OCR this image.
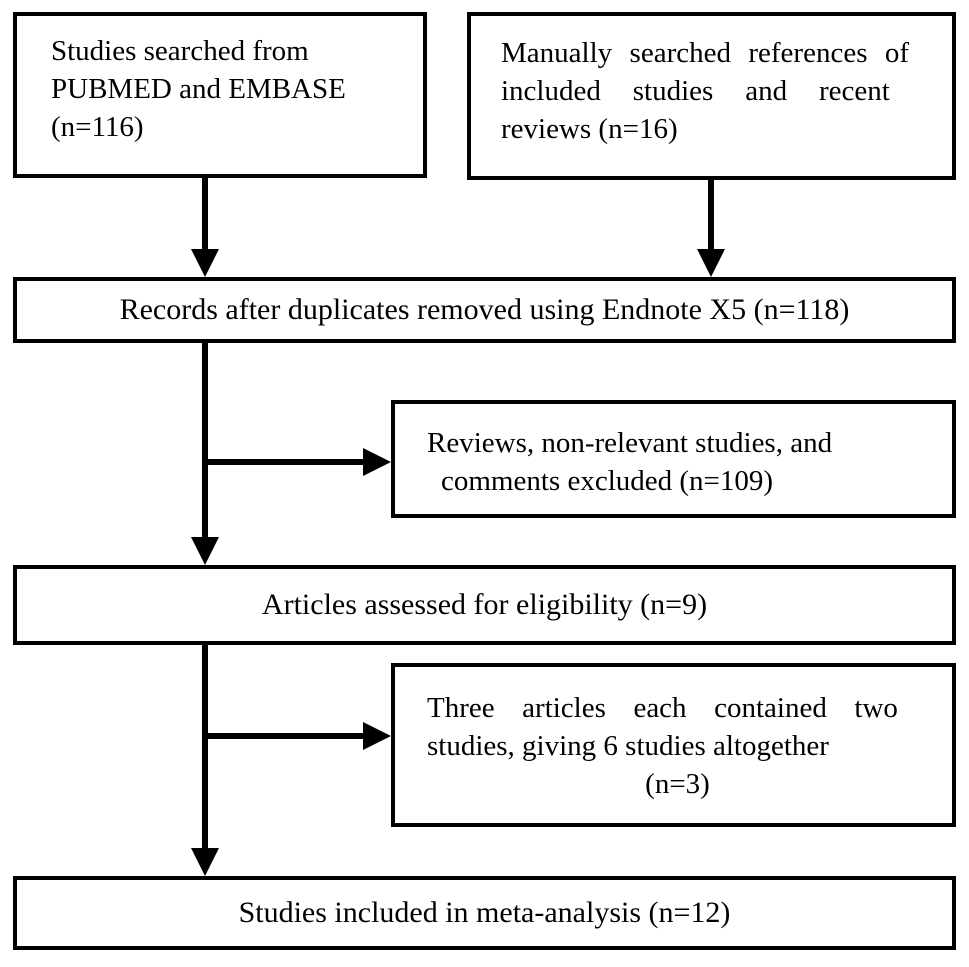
Studies searched from
PUBMED and EMBASE
(n=116)
Manually searched references of
included studies and recent
reviews (n=16)
Records after duplicates removed using Endnote X5 (n=118)
Reviews, non-relevant studies, and
comments excluded (n=109)
Articles assessed for eligibility (n=9)
Three articles each contained two
studies, giving 6 studies altogether
(n=3)
Studies included in meta-analysis (n=12)
